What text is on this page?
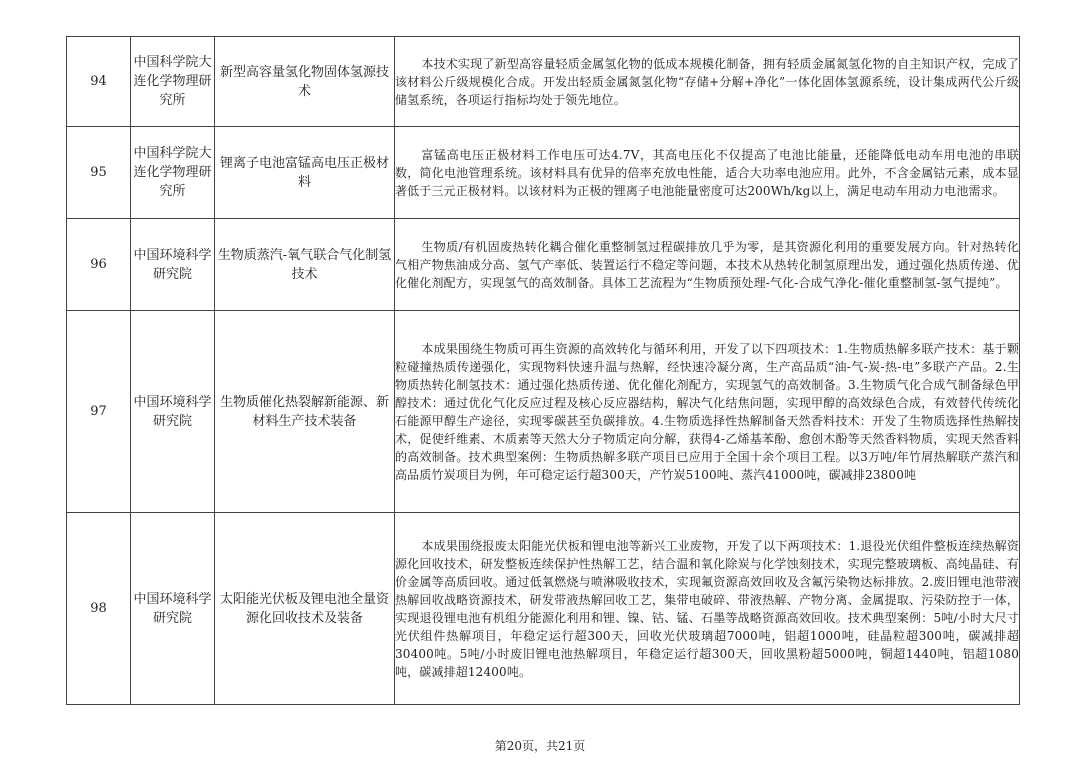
94	中国科学院大连化学物理研究所	新型高容量氢化物固体氢源技术	本技术实现了新型高容量轻质金属氢化物的低成本规模化制备，拥有轻质金属氮氢化物的自主知识产权，完成了该材料公斤级规模化合成。开发出轻质金属氮氢化物“存储+分解+净化”一体化固体氢源系统，设计集成两代公斤级储氢系统，各项运行指标均处于领先地位。

95	中国科学院大连化学物理研究所	锂离子电池富锰高电压正极材料	富锰高电压正极材料工作电压可达4.7V，其高电压化不仅提高了电池比能量，还能降低电动车用电池的串联数，简化电池管理系统。该材料具有优异的倍率充放电性能，适合大功率电池应用。此外，不含金属钴元素，成本显著低于三元正极材料。以该材料为正极的锂离子电池能量密度可达200Wh/kg以上，满足电动车用动力电池需求。

96	中国环境科学研究院	生物质蒸汽-氧气联合气化制氢技术	生物质/有机固废热转化耦合催化重整制氢过程碳排放几乎为零，是其资源化利用的重要发展方向。针对热转化气相产物焦油成分高、氢气产率低、装置运行不稳定等问题，本技术从热转化制氢原理出发，通过强化热质传递、优化催化剂配方，实现氢气的高效制备。具体工艺流程为“生物质预处理-气化-合成气净化-催化重整制氢-氢气提纯”。

97	中国环境科学研究院	生物质催化热裂解新能源、新材料生产技术装备	本成果围绕生物质可再生资源的高效转化与循环利用，开发了以下四项技术：1.生物质热解多联产技术：基于颗粒碰撞热质传递强化，实现物料快速升温与热解，经快速冷凝分离，生产高品质“油-气-炭-热-电”多联产产品。2.生物质热转化制氢技术：通过强化热质传递、优化催化剂配方，实现氢气的高效制备。3.生物质气化合成气制备绿色甲醇技术：通过优化气化反应过程及核心反应器结构，解决气化结焦问题，实现甲醇的高效绿色合成，有效替代传统化石能源甲醇生产途径，实现零碳甚至负碳排放。4.生物质选择性热解制备天然香料技术：开发了生物质选择性热解技术，促使纤维素、木质素等天然大分子物质定向分解，获得4-乙烯基苯酚、愈创木酚等天然香料物质，实现天然香料的高效制备。技术典型案例：生物质热解多联产项目已应用于全国十余个项目工程。以3万吨/年竹屑热解联产蒸汽和高品质竹炭项目为例，年可稳定运行超300天，产竹炭5100吨、蒸汽41000吨，碳减排23800吨

98	中国环境科学研究院	太阳能光伏板及锂电池全量资源化回收技术及装备	本成果围绕报废太阳能光伏板和锂电池等新兴工业废物，开发了以下两项技术：1.退役光伏组件整板连续热解资源化回收技术，研发整板连续保护性热解工艺，结合温和氧化除炭与化学蚀刻技术，实现完整玻璃板、高纯晶硅、有价金属等高质回收。通过低氧燃烧与喷淋吸收技术，实现氟资源高效回收及含氟污染物达标排放。2.废旧锂电池带液热解回收战略资源技术，研发带液热解回收工艺，集带电破碎、带液热解、产物分离、金属提取、污染防控于一体，实现退役锂电池有机组分能源化利用和锂、镍、钴、锰、石墨等战略资源高效回收。技术典型案例：5吨/小时大尺寸光伏组件热解项目，年稳定运行超300天，回收光伏玻璃超7000吨，铝超1000吨，硅晶粒超300吨，碳减排超30400吨。5吨/小时废旧锂电池热解项目，年稳定运行超300天，回收黑粉超5000吨，铜超1440吨，铝超1080吨，碳减排超12400吨。
第20页，共21页
